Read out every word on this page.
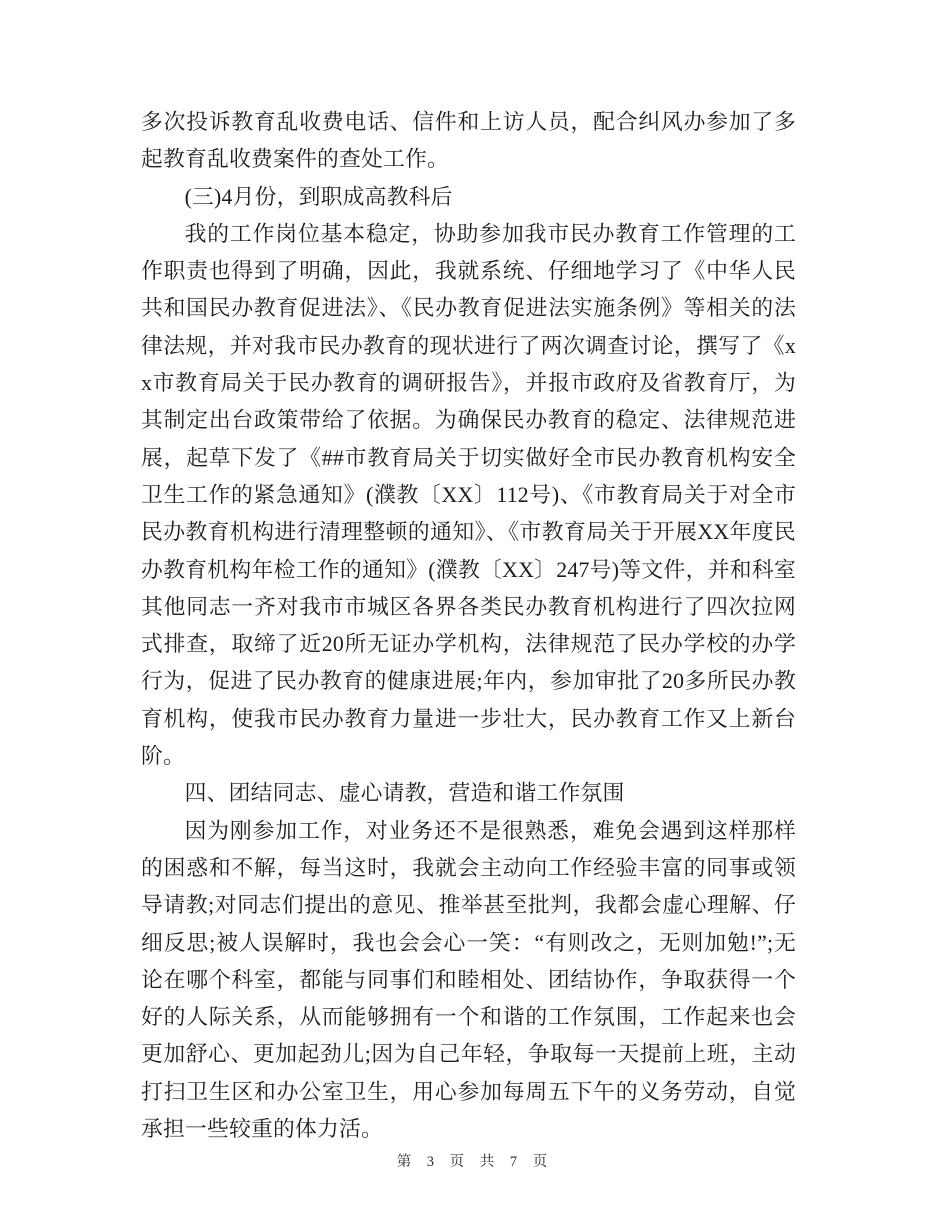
多次投诉教育乱收费电话、信件和上访人员，配合纠风办参加了多起教育乱收费案件的查处工作。

(三)4月份，到职成高教科后

我的工作岗位基本稳定，协助参加我市民办教育工作管理的工作职责也得到了明确，因此，我就系统、仔细地学习了《中华人民共和国民办教育促进法》、《民办教育促进法实施条例》等相关的法律法规，并对我市民办教育的现状进行了两次调查讨论，撰写了《xx市教育局关于民办教育的调研报告》，并报市政府及省教育厅，为其制定出台政策带给了依据。为确保民办教育的稳定、法律规范进展，起草下发了《##市教育局关于切实做好全市民办教育机构安全卫生工作的紧急通知》(濮教〔XX〕112号)、《市教育局关于对全市民办教育机构进行清理整顿的通知》、《市教育局关于开展XX年度民办教育机构年检工作的通知》(濮教〔XX〕247号)等文件，并和科室其他同志一齐对我市市城区各界各类民办教育机构进行了四次拉网式排查，取缔了近20所无证办学机构，法律规范了民办学校的办学行为，促进了民办教育的健康进展;年内，参加审批了20多所民办教育机构，使我市民办教育力量进一步壮大，民办教育工作又上新台阶。

四、团结同志、虚心请教，营造和谐工作氛围

因为刚参加工作，对业务还不是很熟悉，难免会遇到这样那样的困惑和不解，每当这时，我就会主动向工作经验丰富的同事或领导请教;对同志们提出的意见、推举甚至批判，我都会虚心理解、仔细反思;被人误解时，我也会会心一笑：“有则改之，无则加勉!”;无论在哪个科室，都能与同事们和睦相处、团结协作，争取获得一个好的人际关系，从而能够拥有一个和谐的工作氛围，工作起来也会更加舒心、更加起劲儿;因为自己年轻，争取每一天提前上班，主动打扫卫生区和办公室卫生，用心参加每周五下午的义务劳动，自觉承担一些较重的体力活。

第 3 页 共 7 页
